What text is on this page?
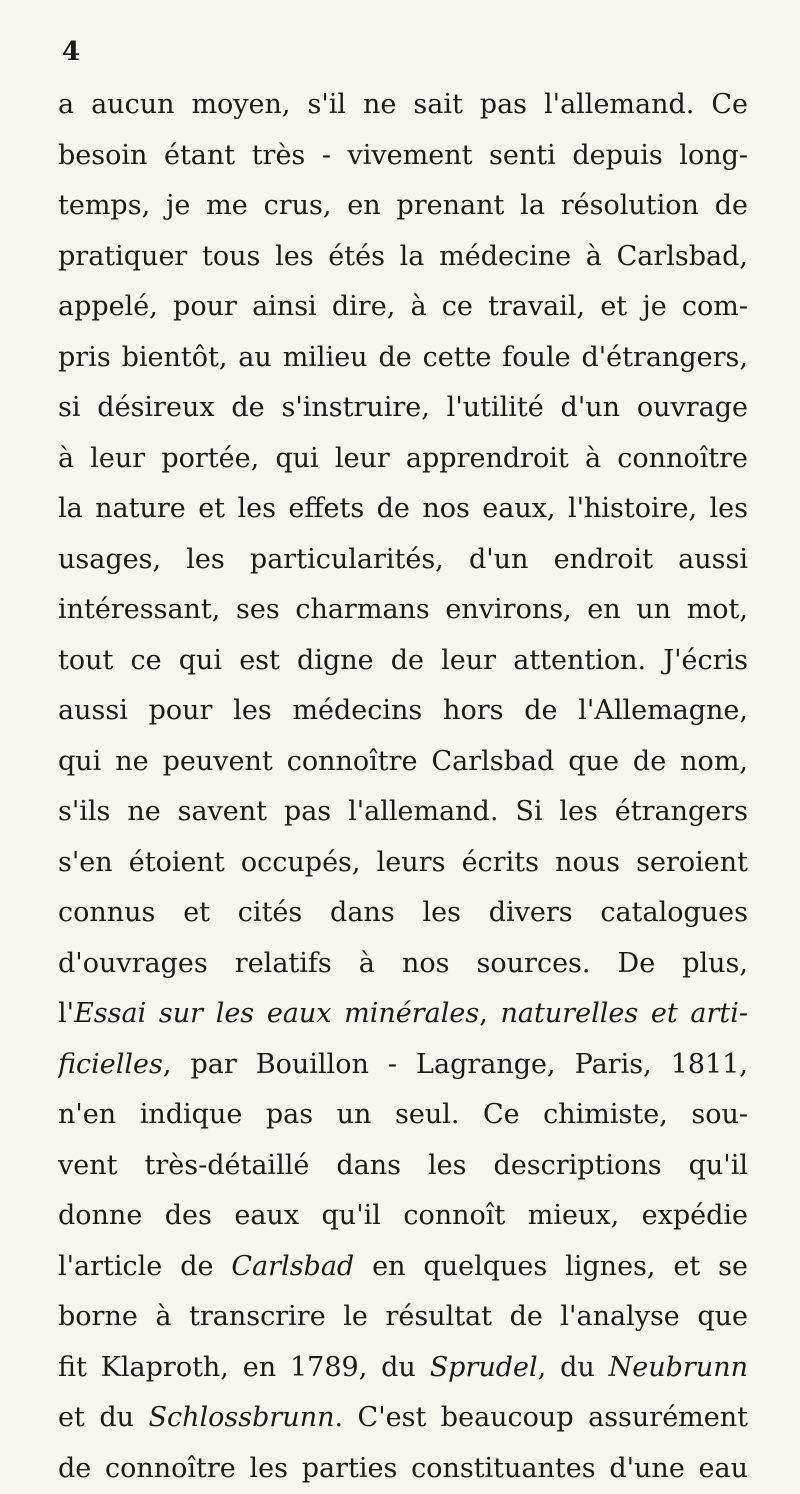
4
a aucun moyen, s'il ne sait pas l'allemand. Ce
besoin étant très - vivement senti depuis long-
temps, je me crus, en prenant la résolution de
pratiquer tous les étés la médecine à Carlsbad,
appelé, pour ainsi dire, à ce travail, et je com-
pris bientôt, au milieu de cette foule d'étrangers,
si désireux de s'instruire, l'utilité d'un ouvrage
à leur portée, qui leur apprendroit à connoître
la nature et les effets de nos eaux, l'histoire, les
usages, les particularités, d'un endroit aussi
intéressant, ses charmans environs, en un mot,
tout ce qui est digne de leur attention. J'écris
aussi pour les médecins hors de l'Allemagne,
qui ne peuvent connoître Carlsbad que de nom,
s'ils ne savent pas l'allemand. Si les étrangers
s'en étoient occupés, leurs écrits nous seroient
connus et cités dans les divers catalogues
d'ouvrages relatifs à nos sources. De plus,
l'Essai sur les eaux minérales, naturelles et arti-
ficielles, par Bouillon - Lagrange, Paris, 1811,
n'en indique pas un seul. Ce chimiste, sou-
vent très-détaillé dans les descriptions qu'il
donne des eaux qu'il connoît mieux, expédie
l'article de Carlsbad en quelques lignes, et se
borne à transcrire le résultat de l'analyse que
fit Klaproth, en 1789, du Sprudel, du Neubrunn
et du Schlossbrunn. C'est beaucoup assurément
de connoître les parties constituantes d'une eau
